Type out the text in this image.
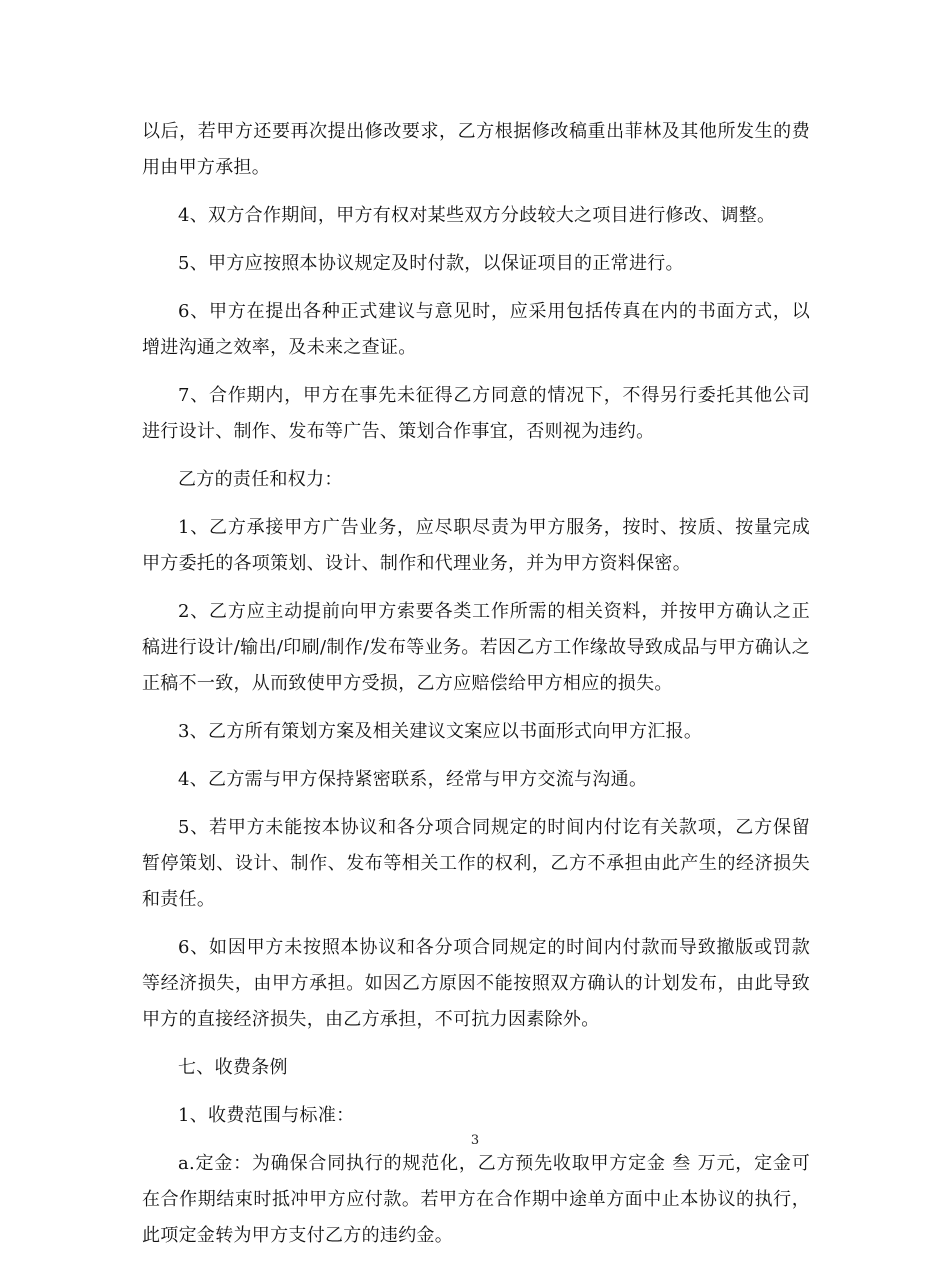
以后，若甲方还要再次提出修改要求，乙方根据修改稿重出菲林及其他所发生的费用由甲方承担。

4、双方合作期间，甲方有权对某些双方分歧较大之项目进行修改、调整。

5、甲方应按照本协议规定及时付款，以保证项目的正常进行。

6、甲方在提出各种正式建议与意见时，应采用包括传真在内的书面方式，以增进沟通之效率，及未来之查证。

7、合作期内，甲方在事先未征得乙方同意的情况下，不得另行委托其他公司进行设计、制作、发布等广告、策划合作事宜，否则视为违约。

乙方的责任和权力：

1、乙方承接甲方广告业务，应尽职尽责为甲方服务，按时、按质、按量完成甲方委托的各项策划、设计、制作和代理业务，并为甲方资料保密。

2、乙方应主动提前向甲方索要各类工作所需的相关资料，并按甲方确认之正稿进行设计/输出/印刷/制作/发布等业务。若因乙方工作缘故导致成品与甲方确认之正稿不一致，从而致使甲方受损，乙方应赔偿给甲方相应的损失。

3、乙方所有策划方案及相关建议文案应以书面形式向甲方汇报。

4、乙方需与甲方保持紧密联系，经常与甲方交流与沟通。

5、若甲方未能按本协议和各分项合同规定的时间内付讫有关款项，乙方保留暂停策划、设计、制作、发布等相关工作的权利，乙方不承担由此产生的经济损失和责任。

6、如因甲方未按照本协议和各分项合同规定的时间内付款而导致撤版或罚款等经济损失，由甲方承担。如因乙方原因不能按照双方确认的计划发布，由此导致甲方的直接经济损失，由乙方承担，不可抗力因素除外。

七、收费条例

1、收费范围与标准：

a.定金：为确保合同执行的规范化，乙方预先收取甲方定金 叁 万元，定金可在合作期结束时抵冲甲方应付款。若甲方在合作期中途单方面中止本协议的执行，此项定金转为甲方支付乙方的违约金。

3
